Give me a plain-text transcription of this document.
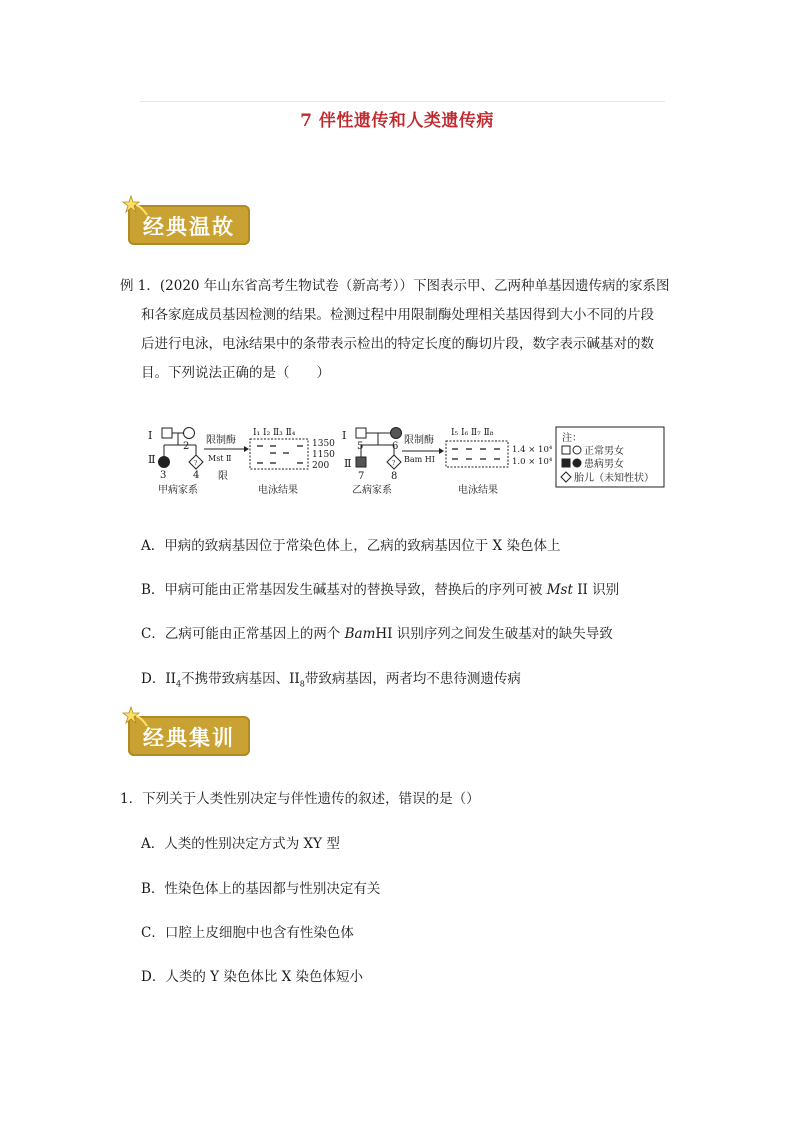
7 伴性遗传和人类遗传病
经典温故
例 1．(2020 年山东省高考生物试卷（新高考））下图表示甲、乙两种单基因遗传病的家系图
和各家庭成员基因检测的结果。检测过程中用限制酶处理相关基因得到大小不同的片段
后进行电泳，电泳结果中的条带表示检出的特定长度的酶切片段，数字表示碱基对的数
目。下列说法正确的是（　　）
Ⅰ
2
Ⅱ	?
3	4
甲病家系
限制酶
Mst Ⅱ
限
Ⅰ₁ Ⅰ₂ Ⅱ₃ Ⅱ₄
1350
1150
200
电泳结果
Ⅰ
5	6
Ⅱ	?
7	8
乙病家系
限制酶
Bam HI
Ⅰ₅ Ⅰ₆ Ⅱ₇ Ⅱ₈
1.4 × 10⁴
1.0 × 10⁴
电泳结果
注：
正常男女
患病男女
胎儿（未知性状）
A．甲病的致病基因位于常染色体上，乙病的致病基因位于 X 染色体上
B．甲病可能由正常基因发生碱基对的替换导致，替换后的序列可被 Mst II 识别
C．乙病可能由正常基因上的两个 BamHI 识别序列之间发生破基对的缺失导致
D．$II_4$不携带致病基因、$II_8$带致病基因，两者均不患待测遗传病
经典集训
1．下列关于人类性别决定与伴性遗传的叙述，错误的是（）
A．人类的性别决定方式为 XY 型
B．性染色体上的基因都与性别决定有关
C．口腔上皮细胞中也含有性染色体
D．人类的 Y 染色体比 X 染色体短小
